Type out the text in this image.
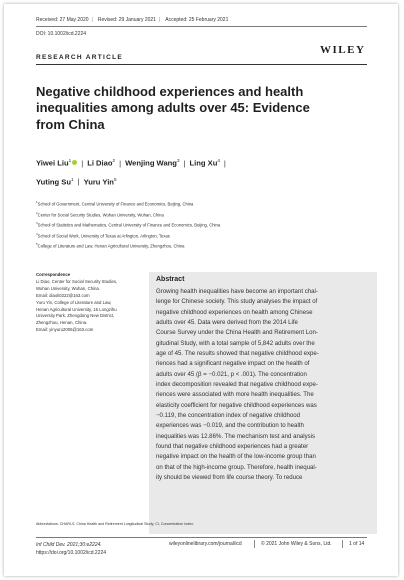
Received: 27 May 2020 | Revised: 29 January 2021 | Accepted: 25 February 2021
DOI: 10.1002/icd.2224
WILEY
RESEARCH ARTICLE
Negative childhood experiences and health inequalities among adults over 45: Evidence from China
Yiwei Liu$^1$ | Li Diao$^2$ | Wenjing Wang$^3$ | Ling Xu$^4$ |
Yuting Su$^1$ | Yuru Yin$^5$
$^1$School of Government, Central University of Finance and Economics, Beijing, China
$^2$Center for Social Security Studies, Wuhan University, Wuhan, China
$^3$School of Statistics and Mathematics, Central University of Finance and Economics, Beijing, China
$^4$School of Social Work, University of Texas at Arlington, Arlington, Texas
$^5$College of Literature and Law, Henan Agricultural University, Zhengzhou, China
Correspondence
Li Diao, Center for Social Security Studies,
Wuhan University, Wuhan, China.
Email: diaoli0322@163.com
Yuru Yin, College of Literature and Law,
Henan Agricultural University, 15 Longzihu
University Park, Zhengdong New District,
Zhengzhou, Henan, China.
Email: yinyuru2006@163.com
Abstract
Growing health inequalities have become an important chal-
lenge for Chinese society. This study analyses the impact of
negative childhood experiences on health among Chinese
adults over 45. Data were derived from the 2014 Life
Course Survey under the China Health and Retirement Lon-
gitudinal Study, with a total sample of 5,842 adults over the
age of 45. The results showed that negative childhood expe-
riences had a significant negative impact on the health of
adults over 45 (β = −0.021, p < .001). The concentration
index decomposition revealed that negative childhood expe-
riences were associated with more health inequalities. The
elasticity coefficient for negative childhood experiences was
−0.119, the concentration index of negative childhood
experiences was −0.019, and the contribution to health
inequalities was 12.86%. The mechanism test and analysis
found that negative childhood experiences had a greater
negative impact on the health of the low-income group than
on that of the high-income group. Therefore, health inequal-
ity should be viewed from life course theory. To reduce
Abbreviations: CHARLS, China Health and Retirement Longitudinal Study; CI, Concentration Index.
Inf Child Dev. 2021;30:e2224.
https://doi.org/10.1002/icd.2224
wileyonlinelibrary.com/journal/icd	© 2021 John Wiley & Sons, Ltd.	1 of 14
